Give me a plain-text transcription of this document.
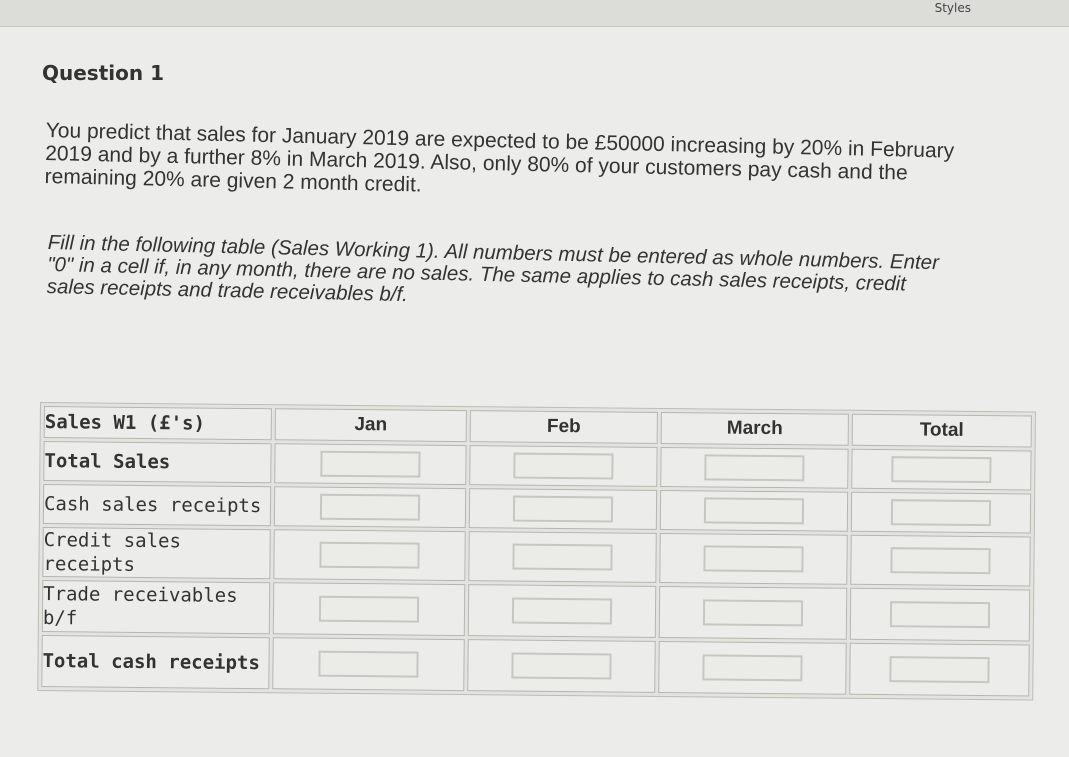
Styles
Question 1
You predict that sales for January 2019 are expected to be £50000 increasing by 20% in February 2019 and by a further 8% in March 2019. Also, only 80% of your customers pay cash and the remaining 20% are given 2 month credit.
Fill in the following table (Sales Working 1). All numbers must be entered as whole numbers. Enter "0" in a cell if, in any month, there are no sales. The same applies to cash sales receipts, credit sales receipts and trade receivables b/f.
Sales W1 (£'s)	Jan	Feb	March	Total
Total Sales				
Cash sales receipts				
Credit sales receipts				
Trade receivables b/f				
Total cash receipts				
